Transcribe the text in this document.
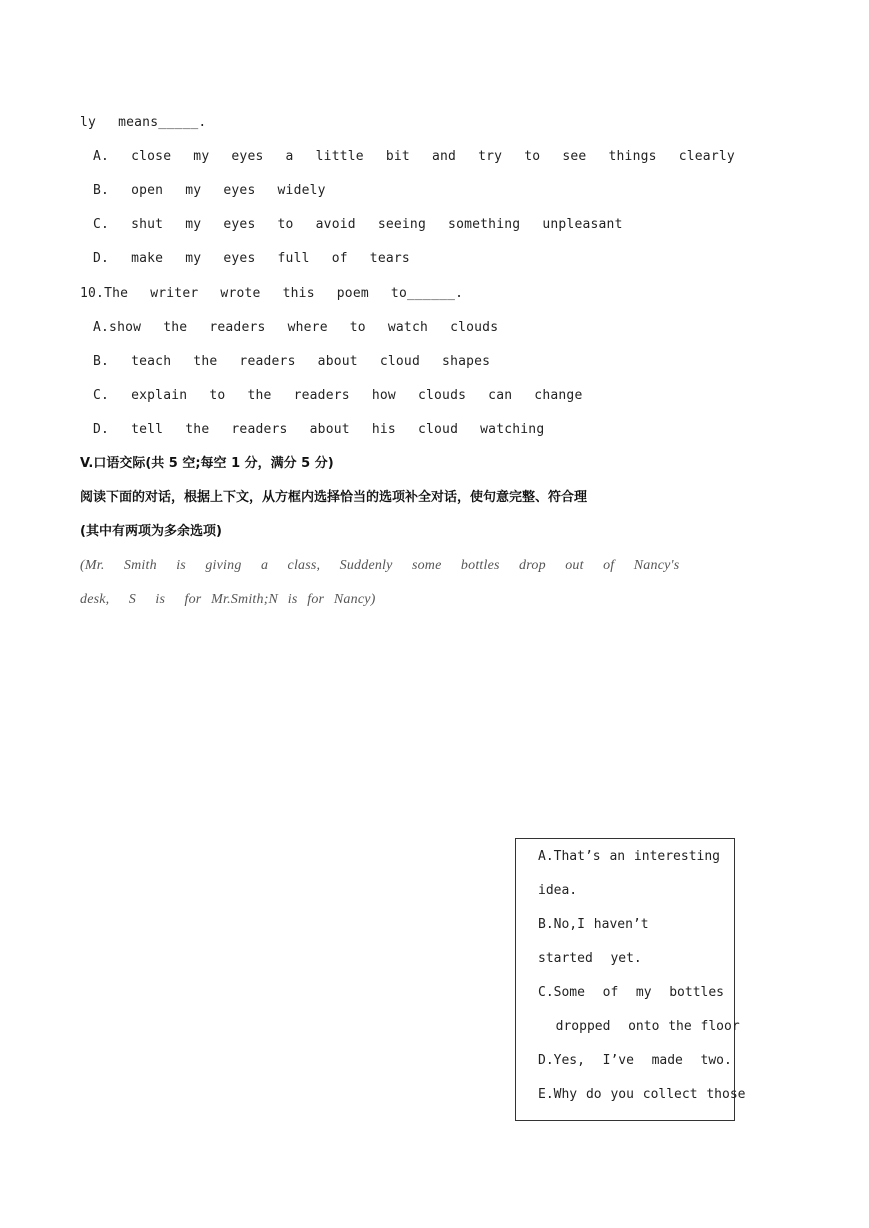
ly  means_____.
A.  close  my  eyes  a  little  bit  and  try  to  see  things  clearly
B.  open  my  eyes  widely
C.  shut  my  eyes  to  avoid  seeing  something  unpleasant
D.  make  my  eyes  full  of  tears
10.The  writer  wrote  this  poem  to______.
A.show  the  readers  where  to  watch  clouds
B.  teach  the  readers  about  cloud  shapes
C.  explain  to  the  readers  how  clouds  can  change
D.  tell  the  readers  about  his  cloud  watching
V.口语交际(共 5 空;每空 1 分，满分 5 分)
阅读下面的对话，根据上下文，从方框内选择恰当的选项补全对话，使句意完整、符合理
(其中有两项为多余选项)
(Mr.  Smith  is  giving  a  class,  Suddenly  some  bottles  drop  out  of  Nancy's
desk,  S  is  for Mr.Smith;N is for Nancy)
A.That’s an interesting
idea.
B.No,I haven’t
started  yet.
C.Some  of  my  bottles
dropped  onto the floor
D.Yes,  I’ve  made  two.
E.Why do you collect those
